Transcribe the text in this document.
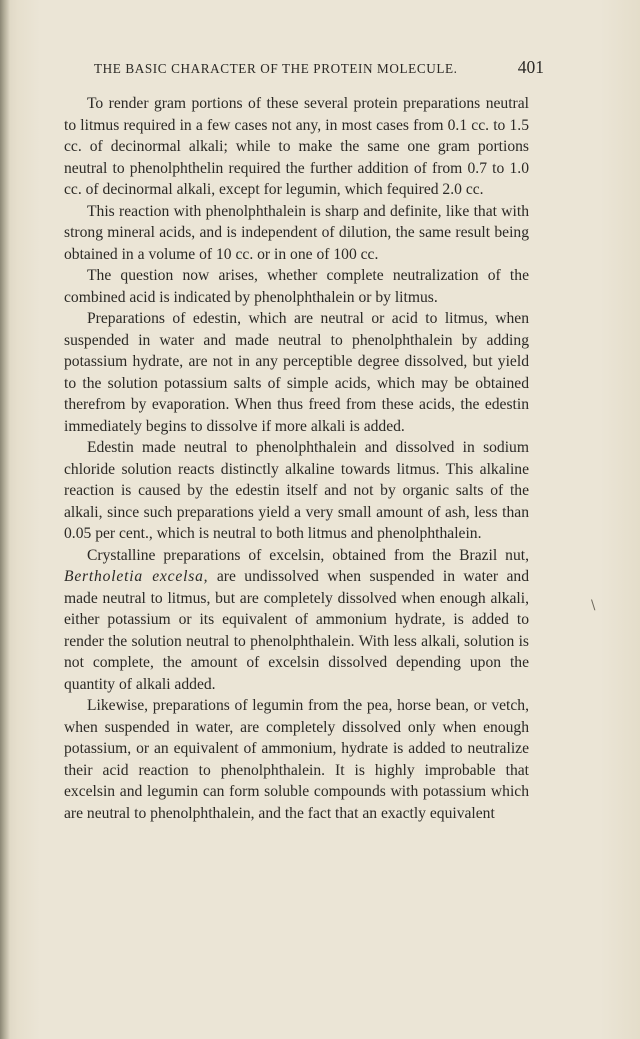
THE BASIC CHARACTER OF THE PROTEIN MOLECULE.	401

To render gram portions of these several protein preparations neutral to litmus required in a few cases not any, in most cases from 0.1 cc. to 1.5 cc. of decinormal alkali; while to make the same one gram portions neutral to phenolphthelin required the further addition of from 0.7 to 1.0 cc. of decinormal alkali, except for legumin, which fequired 2.0 cc.

This reaction with phenolphthalein is sharp and definite, like that with strong mineral acids, and is independent of dilution, the same result being obtained in a volume of 10 cc. or in one of 100 cc.

The question now arises, whether complete neutralization of the combined acid is indicated by phenolphthalein or by litmus.

Preparations of edestin, which are neutral or acid to litmus, when suspended in water and made neutral to phenolphthalein by adding potassium hydrate, are not in any perceptible degree dissolved, but yield to the solution potassium salts of simple acids, which may be obtained therefrom by evaporation. When thus freed from these acids, the edestin immediately begins to dissolve if more alkali is added.

Edestin made neutral to phenolphthalein and dissolved in sodium chloride solution reacts distinctly alkaline towards litmus. This alkaline reaction is caused by the edestin itself and not by organic salts of the alkali, since such preparations yield a very small amount of ash, less than 0.05 per cent., which is neutral to both litmus and phenolphthalein.

Crystalline preparations of excelsin, obtained from the Brazil nut, Bertholetia excelsa, are undissolved when suspended in water and made neutral to litmus, but are completely dissolved when enough alkali, either potassium or its equivalent of ammonium hydrate, is added to render the solution neutral to phenolphthalein. With less alkali, solution is not complete, the amount of excelsin dissolved depending upon the quantity of alkali added.

Likewise, preparations of legumin from the pea, horse bean, or vetch, when suspended in water, are completely dissolved only when enough potassium, or an equivalent of ammonium, hydrate is added to neutralize their acid reaction to phenolphthalein. It is highly improbable that excelsin and legumin can form soluble compounds with potassium which are neutral to phenolphthalein, and the fact that an exactly equivalent

\
